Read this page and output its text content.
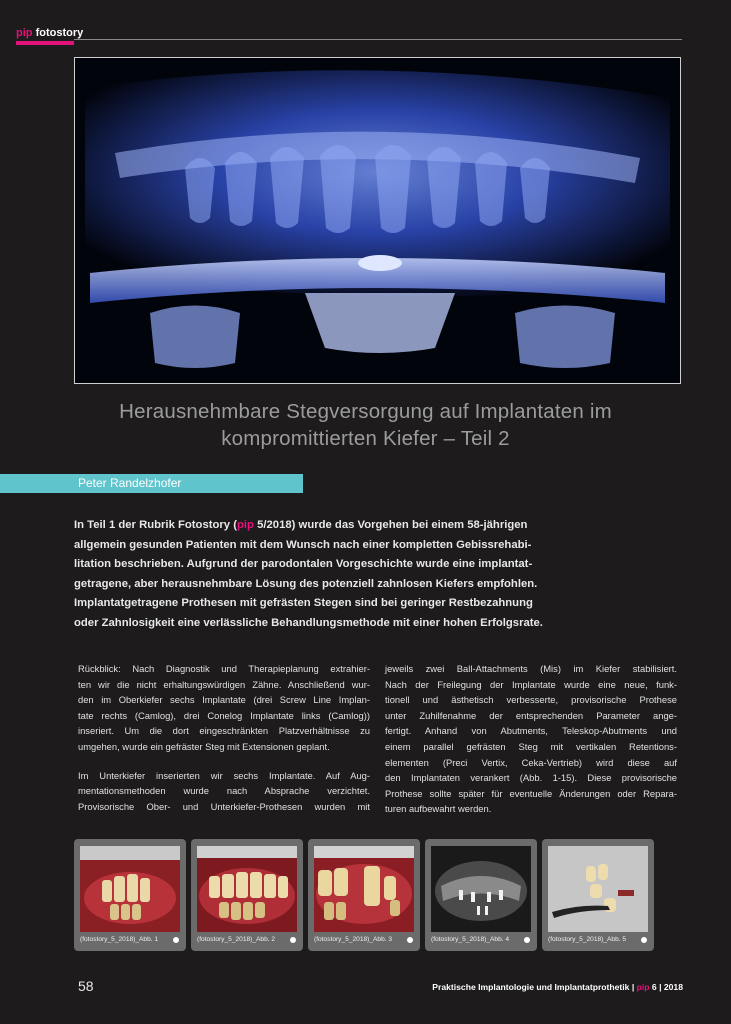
pip fotostory
Herausnehmbare Stegversorgung auf Implantaten im
kompromittierten Kiefer – Teil 2
Peter Randelzhofer
In Teil 1 der Rubrik Fotostory (pip 5/2018) wurde das Vorgehen bei einem 58-jährigen
allgemein gesunden Patienten mit dem Wunsch nach einer kompletten Gebissrehabi-
litation beschrieben. Aufgrund der parodontalen Vorgeschichte wurde eine implantat-
getragene, aber herausnehmbare Lösung des potenziell zahnlosen Kiefers empfohlen.
Implantatgetragene Prothesen mit gefrästen Stegen sind bei geringer Restbezahnung
oder Zahnlosigkeit eine verlässliche Behandlungsmethode mit einer hohen Erfolgsrate.

Rückblick: Nach Diagnostik und Therapieplanung extrahier-
ten wir die nicht erhaltungswürdigen Zähne. Anschließend wur-
den im Oberkiefer sechs Implantate (drei Screw Line Implan-
tate rechts (Camlog), drei Conelog Implantate links (Camlog))
inseriert. Um die dort eingeschränkten Platzverhältnisse zu
umgehen, wurde ein gefräster Steg mit Extensionen geplant.

Im Unterkiefer inserierten wir sechs Implantate. Auf Aug-
mentationsmethoden wurde nach Absprache verzichtet.
Provisorische Ober- und Unterkiefer-Prothesen wurden mit

jeweils zwei Ball-Attachments (Mis) im Kiefer stabilisiert.
Nach der Freilegung der Implantate wurde eine neue, funk-
tionell und ästhetisch verbesserte, provisorische Prothese
unter Zuhilfenahme der entsprechenden Parameter ange-
fertigt. Anhand von Abutments, Teleskop-Abutments und
einem parallel gefrästen Steg mit vertikalen Retentions-
elementen (Preci Vertix, Ceka-Vertrieb) wird diese auf
den Implantaten verankert (Abb. 1-15). Diese provisorische
Prothese sollte später für eventuelle Änderungen oder Repara-
turen aufbewahrt werden.

(fotostory_5_2018)_Abb. 1	(fotostory_5_2018)_Abb. 2	(fotostory_5_2018)_Abb. 3	(fotostory_5_2018)_Abb. 4	(fotostory_5_2018)_Abb. 5
58	Praktische Implantologie und Implantatprothetik | pip 6 | 2018
